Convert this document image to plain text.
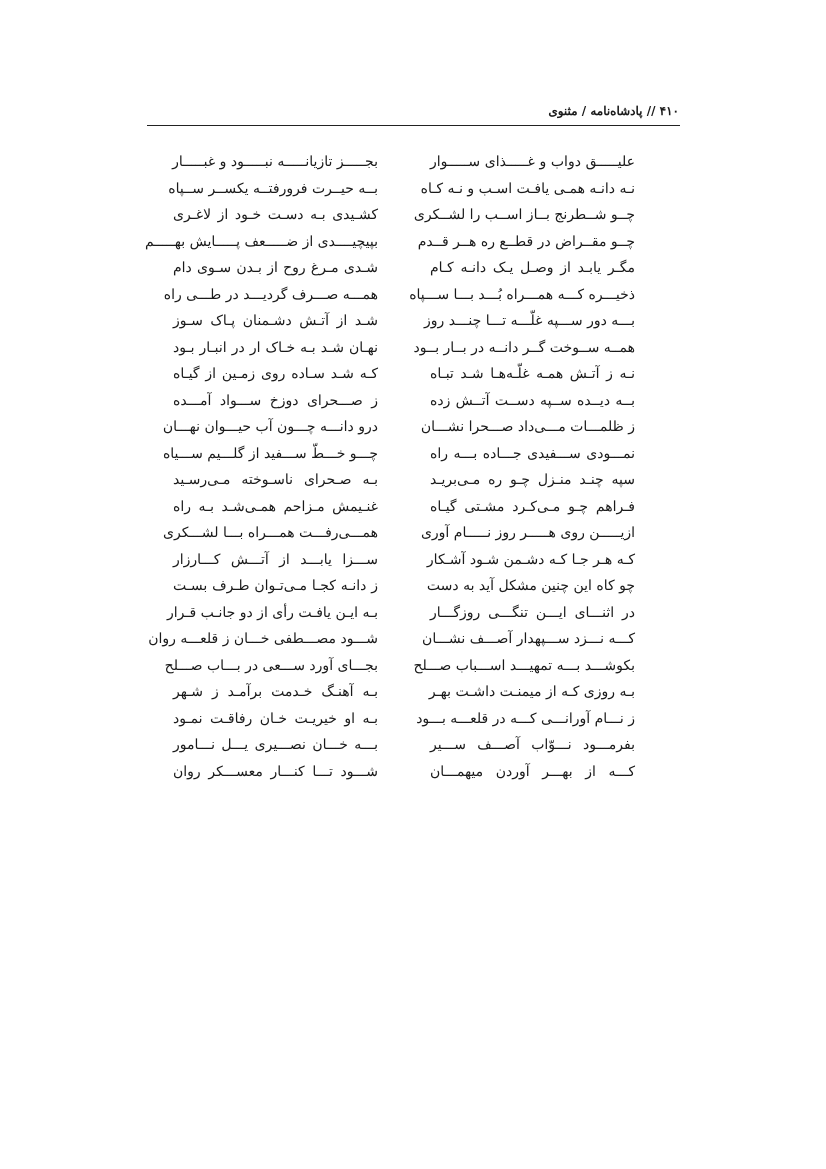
۴۱۰ // پادشاه‌نامه / مثنوی
علیـــــق دواب و غـــــذای ســـــوار
بجـــــز تازیانـــــه نبـــــود و غبـــــار
نـه دانـه همـی یافـت اسـب و نـه کـاه
بــه حیــرت فرورفتــه یکســر ســپاه
چــو شــطرنج بــاز اســب را لشــکری
کشـیدی بـه دسـت خـود از لاغـری
چــو مقــراض در قطــع ره هــر قــدم
بپیچیــــدی از ضـــــعف پـــــایش بهـــــم
مگـر یابـد از وصـل یـک دانـه کـام
شـدی مـرغ روح از بـدن سـوی دام
ذخیـــره کـــه همـــراه بُـــد بـــا ســـپاه
همـــه صـــرف گردیـــد در طـــی راه
بـــه دور ســـپه غلّـــه تـــا چنـــد روز
شـد از آتـش دشـمنان پـاک سـوز
همــه ســوخت گــر دانــه در بــار بــود
نهـان شـد بـه خـاک ار در انبـار بـود
نـه ز آتـش همـه غلّـه‌هـا شـد تبـاه
کـه شـد سـاده روی زمـین از گیـاه
بــه دیــده ســپه دســت آتــش زده
ز صـــحرای دوزخ ســـواد آمـــده
ز ظلمـــات مـــی‌داد صـــحرا نشـــان
درو دانـــه چـــون آب حیـــوان نهـــان
نمـــودی ســـفیدی جـــاده بـــه راه
چـــو خـــطّ ســـفید از گلـــیم ســـیاه
سپه چنـد منـزل چـو ره مـی‌بریـد
بـه صـحرای ناسـوخته مـی‌رسـید
فـراهم چـو مـی‌کـرد مشـتی گیـاه
غنـیمش مـزاحم همـی‌شـد بـه راه
ازیـــــن روی هـــــر روز نـــــام آوری
همـــی‌رفـــت همـــراه بـــا لشـــکری
کـه هـر جـا کـه دشـمن شـود آشـکار
ســـزا یابـــد از آتـــش کـــارزار
چو کاه این چنین مشکل آید به دست
ز دانـه کجـا مـی‌تـوان طـرف بسـت
در اثنـــای ایـــن تنگـــی روزگـــار
بـه ایـن یافـت رأی از دو جانـب قـرار
کـــه نـــزد ســـپهدار آصـــف نشـــان
شـــود مصـــطفی خـــان ز قلعـــه روان
بکوشـــد بـــه تمهیـــد اســـباب صـــلح
بجـــای آورد ســـعی در بـــاب صـــلح
بـه روزی کـه از میمنـت داشـت بهـر
بـه آهنـگ خـدمت برآمـد ز شـهر
ز نـــام آورانـــی کـــه در قلعـــه بـــود
بـه او خیریـت خـان رفاقـت نمـود
بفرمـــود نـــوّاب آصـــف ســـیر
بـــه خـــان نصـــیری یـــل نـــامور
کـــه از بهـــر آوردن میهمـــان
شـــود تـــا کنـــار معســـکر روان
